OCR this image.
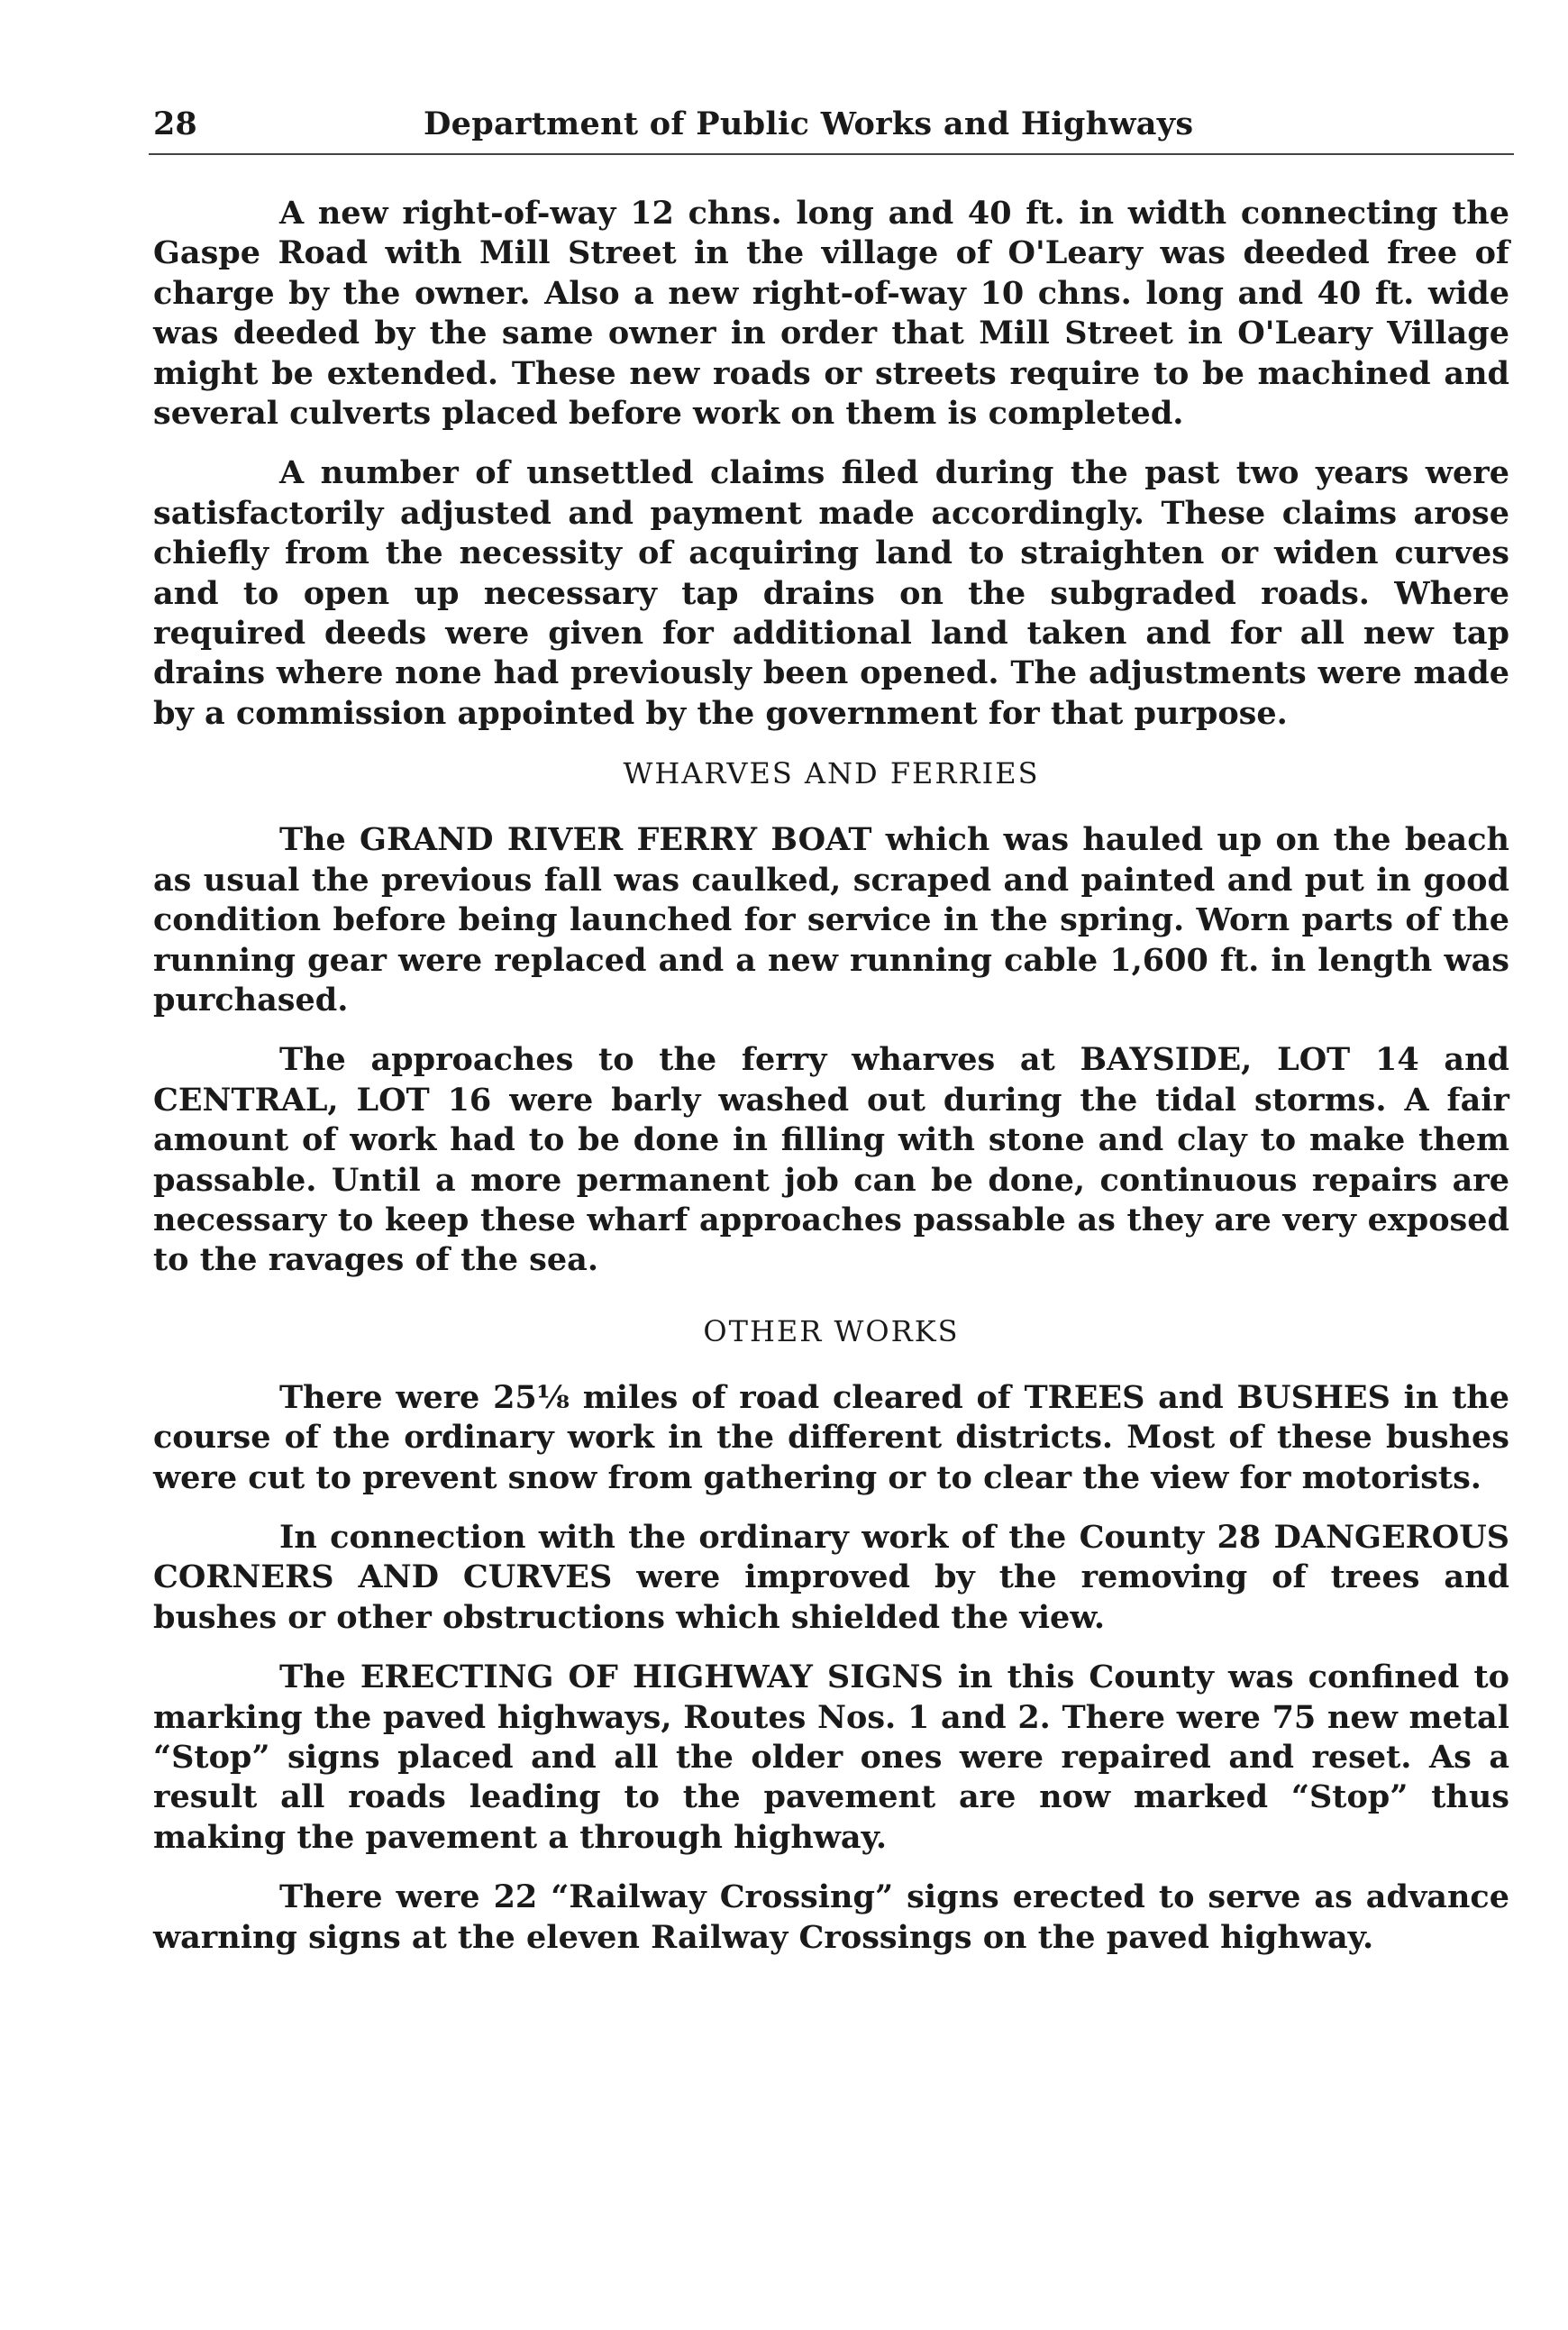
28	Department of Public Works and Highways

A new right-of-way 12 chns. long and 40 ft. in width connecting the Gaspe Road with Mill Street in the village of O'Leary was deeded free of charge by the owner. Also a new right-of-way 10 chns. long and 40 ft. wide was deeded by the same owner in order that Mill Street in O'Leary Village might be extended. These new roads or streets require to be machined and several culverts placed before work on them is completed.

A number of unsettled claims filed during the past two years were satisfactorily adjusted and payment made accordingly. These claims arose chiefly from the necessity of acquiring land to straighten or widen curves and to open up necessary tap drains on the subgraded roads. Where required deeds were given for additional land taken and for all new tap drains where none had previously been opened. The adjustments were made by a commission appointed by the government for that purpose.

WHARVES AND FERRIES

The GRAND RIVER FERRY BOAT which was hauled up on the beach as usual the previous fall was caulked, scraped and painted and put in good condition before being launched for service in the spring. Worn parts of the running gear were replaced and a new running cable 1,600 ft. in length was purchased.

The approaches to the ferry wharves at BAYSIDE, LOT 14 and CENTRAL, LOT 16 were barly washed out during the tidal storms. A fair amount of work had to be done in filling with stone and clay to make them passable. Until a more permanent job can be done, continuous repairs are necessary to keep these wharf approaches passable as they are very exposed to the ravages of the sea.

OTHER WORKS

There were 25⅛ miles of road cleared of TREES and BUSHES in the course of the ordinary work in the different districts. Most of these bushes were cut to prevent snow from gathering or to clear the view for motorists.

In connection with the ordinary work of the County 28 DANGEROUS CORNERS AND CURVES were improved by the removing of trees and bushes or other obstructions which shielded the view.

The ERECTING OF HIGHWAY SIGNS in this County was confined to marking the paved highways, Routes Nos. 1 and 2. There were 75 new metal “Stop” signs placed and all the older ones were repaired and reset. As a result all roads leading to the pavement are now marked “Stop” thus making the pavement a through highway.

There were 22 “Railway Crossing” signs erected to serve as advance warning signs at the eleven Railway Crossings on the paved highway.
